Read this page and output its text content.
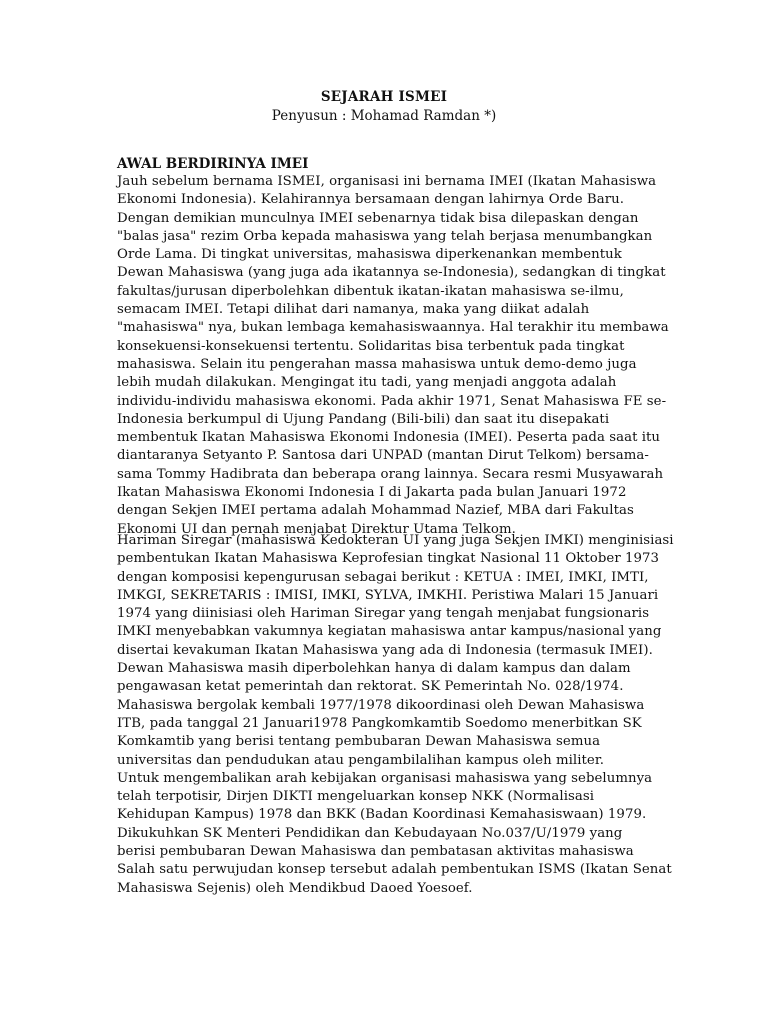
SEJARAH ISMEI
Penyusun : Mohamad Ramdan *)
AWAL BERDIRINYA IMEI
Jauh sebelum bernama ISMEI, organisasi ini bernama IMEI (Ikatan Mahasiswa
Ekonomi Indonesia). Kelahirannya bersamaan dengan lahirnya Orde Baru.
Dengan demikian munculnya IMEI sebenarnya tidak bisa dilepaskan dengan
"balas jasa" rezim Orba kepada mahasiswa yang telah berjasa menumbangkan
Orde Lama. Di tingkat universitas, mahasiswa diperkenankan membentuk
Dewan Mahasiswa (yang juga ada ikatannya se-Indonesia), sedangkan di tingkat
fakultas/jurusan diperbolehkan dibentuk ikatan-ikatan mahasiswa se-ilmu,
semacam IMEI. Tetapi dilihat dari namanya, maka yang diikat adalah
"mahasiswa" nya, bukan lembaga kemahasiswaannya. Hal terakhir itu membawa
konsekuensi-konsekuensi tertentu. Solidaritas bisa terbentuk pada tingkat
mahasiswa. Selain itu pengerahan massa mahasiswa untuk demo-demo juga
lebih mudah dilakukan. Mengingat itu tadi, yang menjadi anggota adalah
individu-individu mahasiswa ekonomi. Pada akhir 1971, Senat Mahasiswa FE se-
Indonesia berkumpul di Ujung Pandang (Bili-bili) dan saat itu disepakati
membentuk Ikatan Mahasiswa Ekonomi Indonesia (IMEI). Peserta pada saat itu
diantaranya Setyanto P. Santosa dari UNPAD (mantan Dirut Telkom) bersama-
sama Tommy Hadibrata dan beberapa orang lainnya. Secara resmi Musyawarah
Ikatan Mahasiswa Ekonomi Indonesia I di Jakarta pada bulan Januari 1972
dengan Sekjen IMEI pertama adalah Mohammad Nazief, MBA dari Fakultas
Ekonomi UI dan pernah menjabat Direktur Utama Telkom.
Hariman Siregar (mahasiswa Kedokteran UI yang juga Sekjen IMKI) menginisiasi
pembentukan Ikatan Mahasiswa Keprofesian tingkat Nasional 11 Oktober 1973
dengan komposisi kepengurusan sebagai berikut : KETUA : IMEI, IMKI, IMTI,
IMKGI, SEKRETARIS : IMISI, IMKI, SYLVA, IMKHI. Peristiwa Malari 15 Januari
1974 yang diinisiasi oleh Hariman Siregar yang tengah menjabat fungsionaris
IMKI menyebabkan vakumnya kegiatan mahasiswa antar kampus/nasional yang
disertai kevakuman Ikatan Mahasiswa yang ada di Indonesia (termasuk IMEI).
Dewan Mahasiswa masih diperbolehkan hanya di dalam kampus dan dalam
pengawasan ketat pemerintah dan rektorat. SK Pemerintah No. 028/1974.
Mahasiswa bergolak kembali 1977/1978 dikoordinasi oleh Dewan Mahasiswa
ITB, pada tanggal 21 Januari1978 Pangkomkamtib Soedomo menerbitkan SK
Komkamtib yang berisi tentang pembubaran Dewan Mahasiswa semua
universitas dan pendudukan atau pengambilalihan kampus oleh militer.
Untuk mengembalikan arah kebijakan organisasi mahasiswa yang sebelumnya
telah terpotisir, Dirjen DIKTI mengeluarkan konsep NKK (Normalisasi
Kehidupan Kampus) 1978 dan BKK (Badan Koordinasi Kemahasiswaan) 1979.
Dikukuhkan SK Menteri Pendidikan dan Kebudayaan No.037/U/1979 yang
berisi pembubaran Dewan Mahasiswa dan pembatasan aktivitas mahasiswa
Salah satu perwujudan konsep tersebut adalah pembentukan ISMS (Ikatan Senat
Mahasiswa Sejenis) oleh Mendikbud Daoed Yoesoef.
